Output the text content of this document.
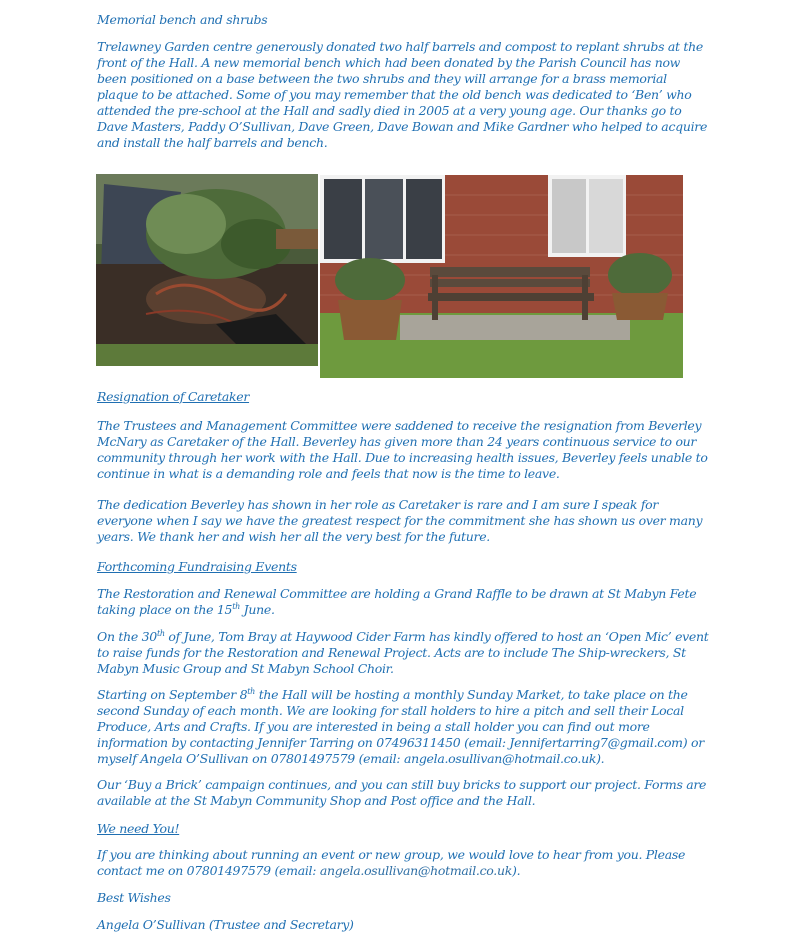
Memorial bench and shrubs

Trelawney Garden centre generously donated two half barrels and compost to replant shrubs at the front of the Hall. A new memorial bench which had been donated by the Parish Council has now been positioned on a base between the two shrubs and they will arrange for a brass memorial plaque to be attached. Some of you may remember that the old bench was dedicated to ‘Ben’ who attended the pre-school at the Hall and sadly died in 2005 at a very young age. Our thanks go to Dave Masters, Paddy O’Sullivan, Dave Green, Dave Bowan and Mike Gardner who helped to acquire and install the half barrels and bench.

Resignation of Caretaker

The Trustees and Management Committee were saddened to receive the resignation from Beverley McNary as Caretaker of the Hall. Beverley has given more than 24 years continuous service to our community through her work with the Hall. Due to increasing health issues, Beverley feels unable to continue in what is a demanding role and feels that now is the time to leave.

The dedication Beverley has shown in her role as Caretaker is rare and I am sure I speak for everyone when I say we have the greatest respect for the commitment she has shown us over many years. We thank her and wish her all the very best for the future.

Forthcoming Fundraising Events

The Restoration and Renewal Committee are holding a Grand Raffle to be drawn at St Mabyn Fete taking place on the 15th June.

On the 30th of June, Tom Bray at Haywood Cider Farm has kindly offered to host an ‘Open Mic’ event to raise funds for the Restoration and Renewal Project. Acts are to include The Ship-wreckers, St Mabyn Music Group and St Mabyn School Choir.

Starting on September 8th the Hall will be hosting a monthly Sunday Market, to take place on the second Sunday of each month. We are looking for stall holders to hire a pitch and sell their Local Produce, Arts and Crafts. If you are interested in being a stall holder you can find out more information by contacting Jennifer Tarring on 07496311450 (email: Jennifertarring7@gmail.com) or myself Angela O’Sullivan on 07801497579 (email: angela.osullivan@hotmail.co.uk).

Our ‘Buy a Brick’ campaign continues, and you can still buy bricks to support our project. Forms are available at the St Mabyn Community Shop and Post office and the Hall.

We need You!

If you are thinking about running an event or new group, we would love to hear from you. Please contact me on 07801497579 (email: angela.osullivan@hotmail.co.uk).

Best Wishes

Angela O’Sullivan (Trustee and Secretary)
